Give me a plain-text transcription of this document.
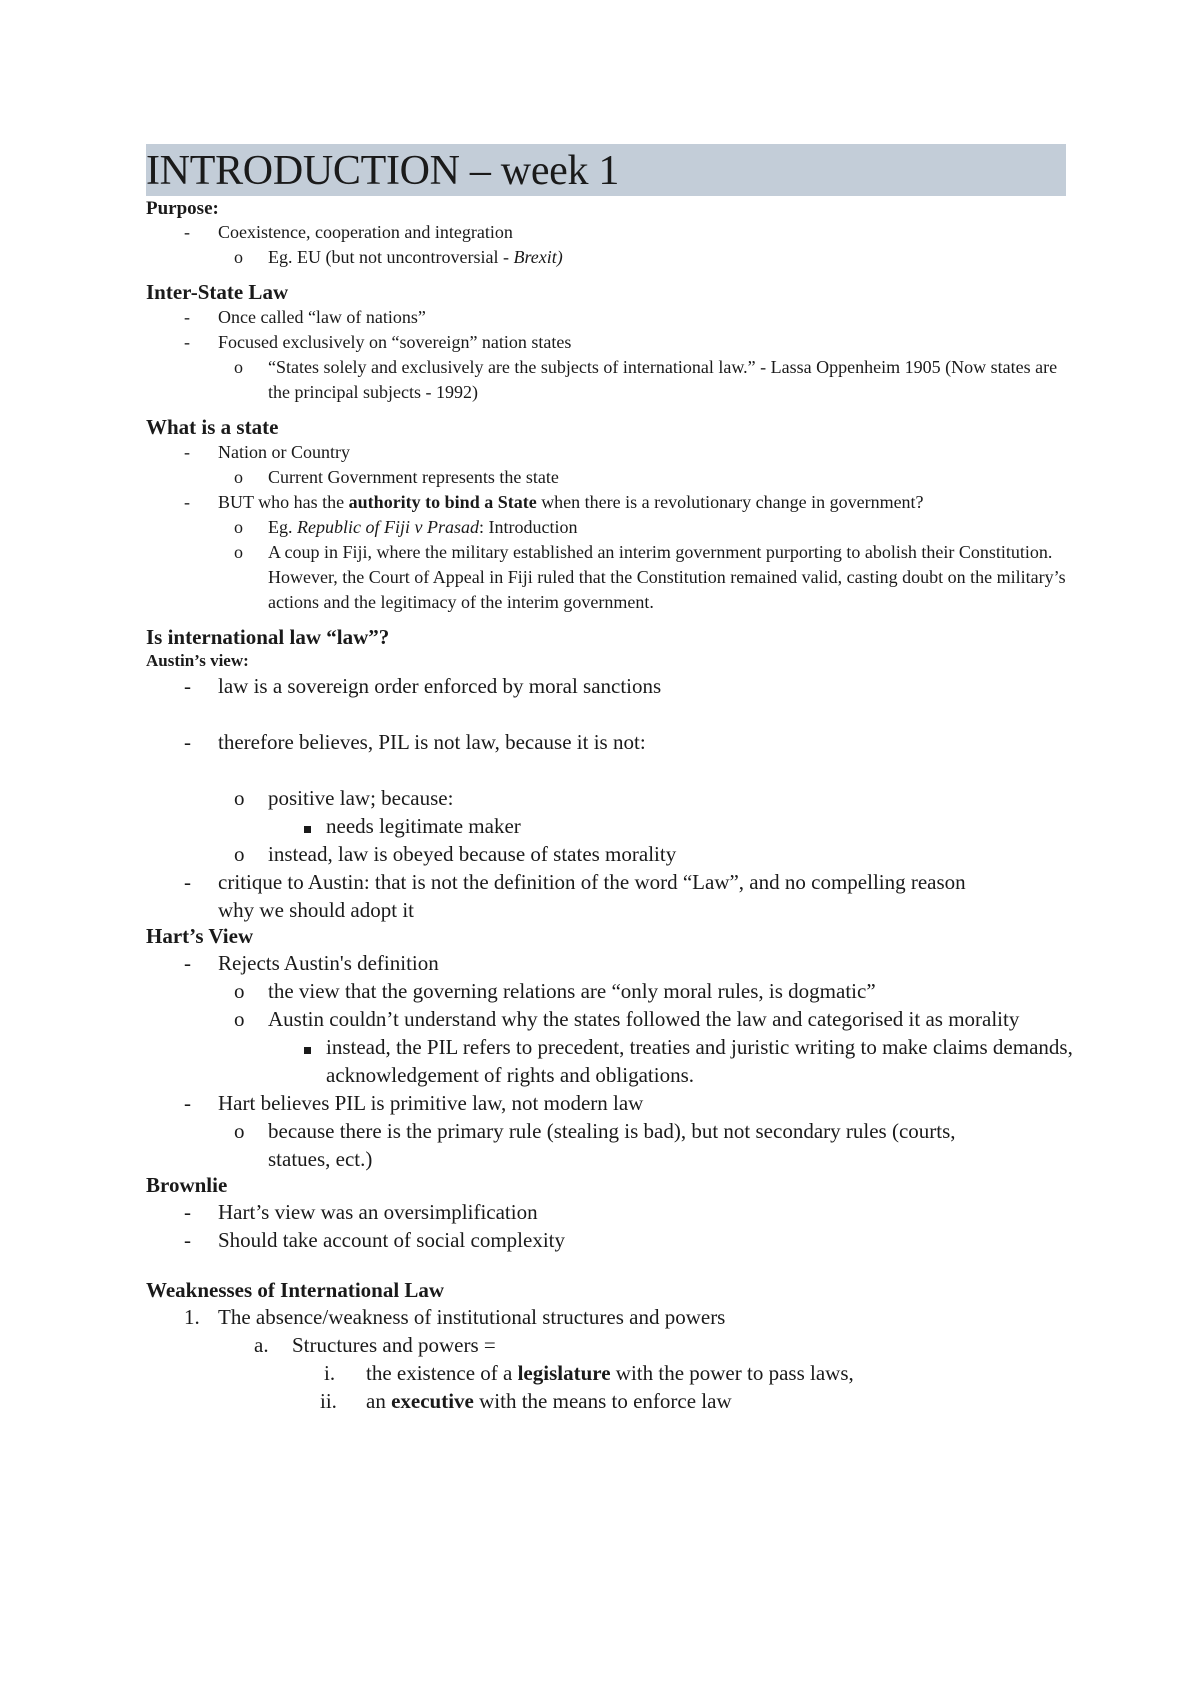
INTRODUCTION – week 1
Purpose:
- Coexistence, cooperation and integration
o Eg. EU (but not uncontroversial - Brexit)
Inter-State Law
- Once called “law of nations”
- Focused exclusively on “sovereign” nation states
o “States solely and exclusively are the subjects of international law.” - Lassa Oppenheim 1905 (Now states are the principal subjects - 1992)
What is a state
- Nation or Country
o Current Government represents the state
- BUT who has the authority to bind a State when there is a revolutionary change in government?
o Eg. Republic of Fiji v Prasad: Introduction
o A coup in Fiji, where the military established an interim government purporting to abolish their Constitution. However, the Court of Appeal in Fiji ruled that the Constitution remained valid, casting doubt on the military’s actions and the legitimacy of the interim government.
Is international law “law”?
Austin’s view:
- law is a sovereign order enforced by moral sanctions
- therefore believes, PIL is not law, because it is not:
o positive law; because:
needs legitimate maker
o instead, law is obeyed because of states morality
- critique to Austin: that is not the definition of the word “Law”, and no compelling reason why we should adopt it
Hart’s View
- Rejects Austin's definition
o the view that the governing relations are “only moral rules, is dogmatic”
o Austin couldn’t understand why the states followed the law and categorised it as morality
instead, the PIL refers to precedent, treaties and juristic writing to make claims demands, acknowledgement of rights and obligations.
- Hart believes PIL is primitive law, not modern law
o because there is the primary rule (stealing is bad), but not secondary rules (courts, statues, ect.)
Brownlie
- Hart’s view was an oversimplification
- Should take account of social complexity
Weaknesses of International Law
1. The absence/weakness of institutional structures and powers
a. Structures and powers =
i. the existence of a legislature with the power to pass laws,
ii. an executive with the means to enforce law
